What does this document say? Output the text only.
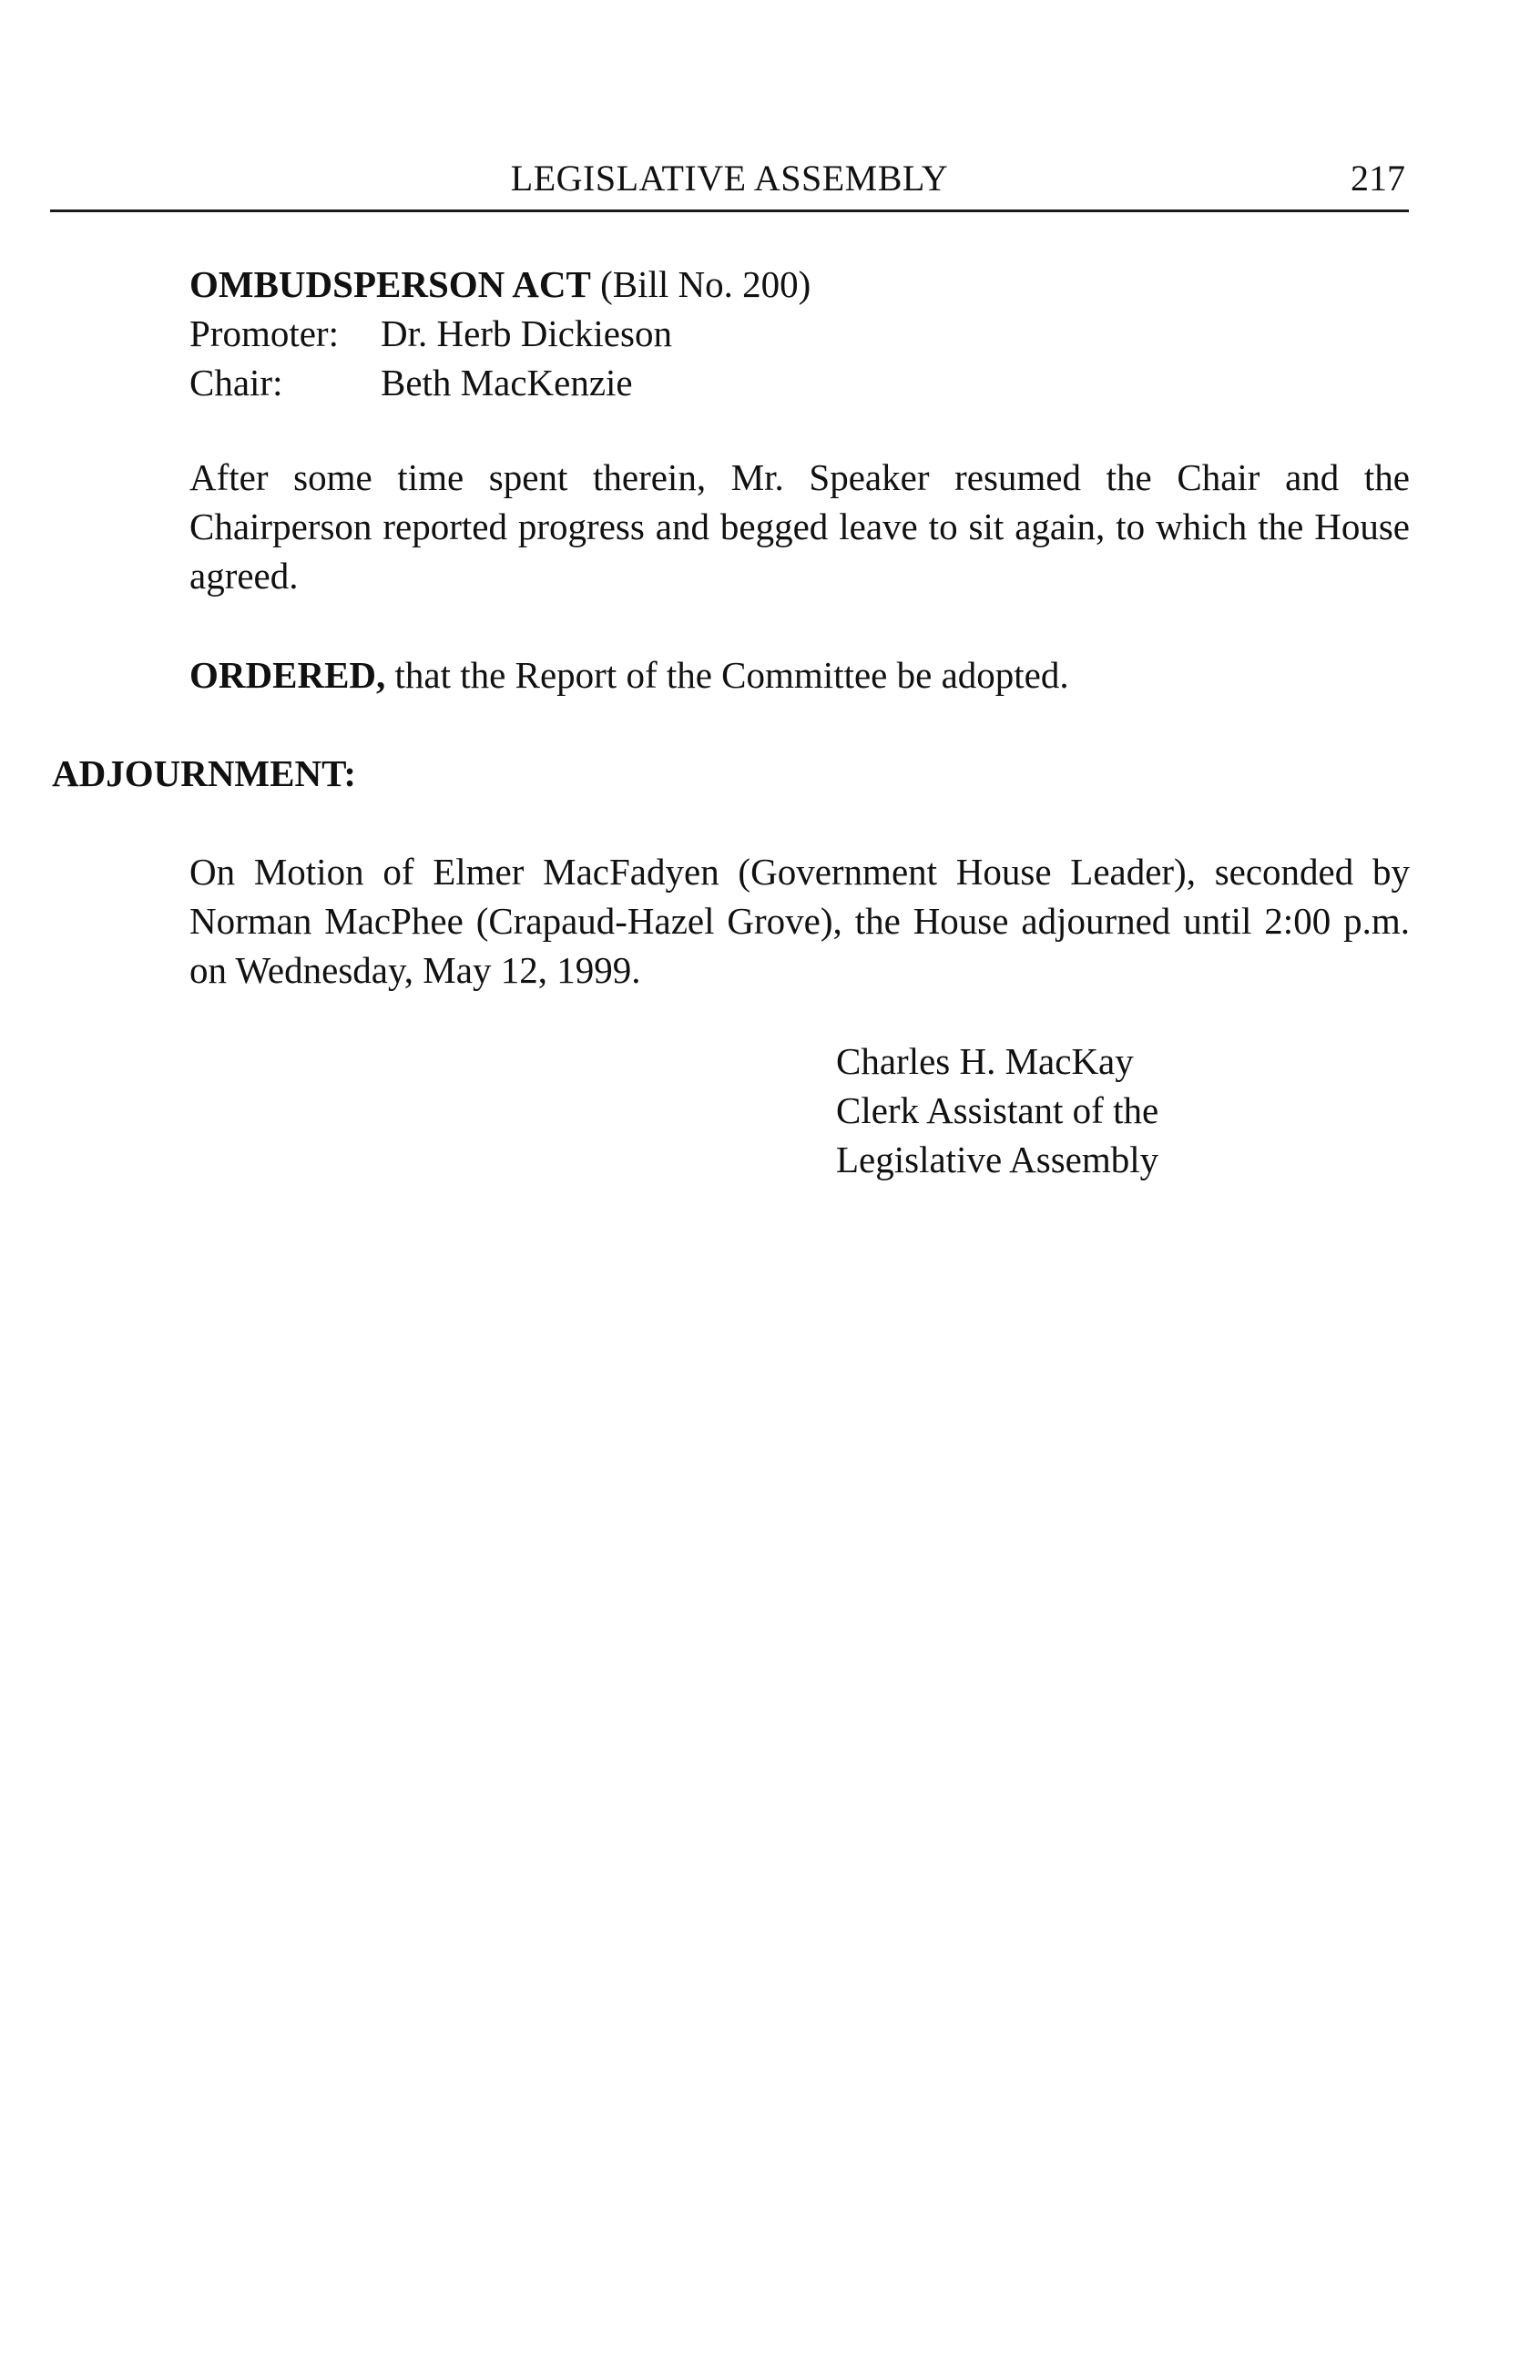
LEGISLATIVE ASSEMBLY	217
OMBUDSPERSON ACT (Bill No. 200)
Promoter: Dr. Herb Dickieson
Chair:	Beth MacKenzie
After some time spent therein, Mr. Speaker resumed the Chair and the Chairperson reported progress and begged leave to sit again, to which the House agreed.
ORDERED, that the Report of the Committee be adopted.
ADJOURNMENT:
On Motion of Elmer MacFadyen (Government House Leader), seconded by Norman MacPhee (Crapaud-Hazel Grove), the House adjourned until 2:00 p.m. on Wednesday, May 12, 1999.
Charles H. MacKay
Clerk Assistant of the
Legislative Assembly
